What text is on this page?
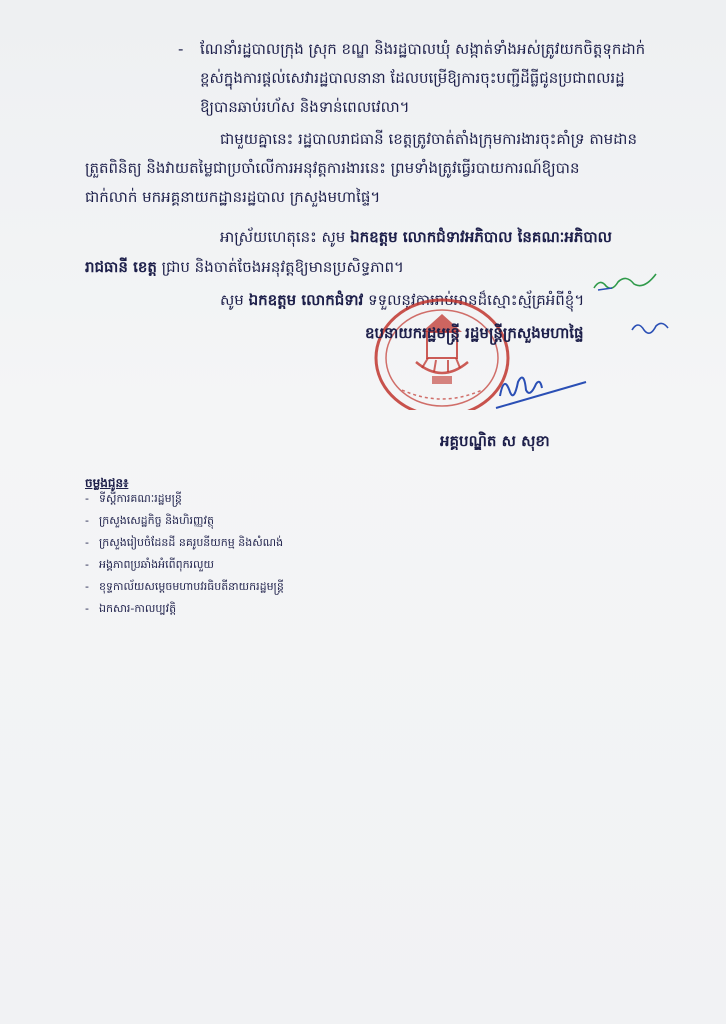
- ណែនាំរដ្ឋបាលក្រុង ស្រុក ខណ្ឌ និងរដ្ឋបាលឃុំ សង្កាត់ទាំងអស់ត្រូវយកចិត្តទុកដាក់

ខ្ពស់ក្នុងការផ្តល់សេវារដ្ឋបាលនានា ដែលបម្រើឱ្យការចុះបញ្ជីដីធ្លីជូនប្រជាពលរដ្ឋ

ឱ្យបានឆាប់រហ័ស និងទាន់ពេលវេលា។

ជាមួយគ្នានេះ រដ្ឋបាលរាជធានី ខេត្តត្រូវចាត់តាំងក្រុមការងារចុះគាំទ្រ តាមដាន

ត្រួតពិនិត្យ និងវាយតម្លៃជាប្រចាំលើការអនុវត្តការងារនេះ ព្រមទាំងត្រូវធ្វើរបាយការណ៍ឱ្យបាន

ជាក់លាក់ មកអគ្គនាយកដ្ឋានរដ្ឋបាល ក្រសួងមហាផ្ទៃ។

អាស្រ័យហេតុនេះ សូម ឯកឧត្តម លោកជំទាវអភិបាល នៃគណៈអភិបាល

រាជធានី ខេត្ត ជ្រាប និងចាត់ចែងអនុវត្តឱ្យមានប្រសិទ្ធភាព។

សូម ឯកឧត្តម លោកជំទាវ ទទួលនូវការរាប់អានដ៏ស្មោះស្ម័គ្រអំពីខ្ញុំ។

ឧបនាយករដ្ឋមន្ត្រី រដ្ឋមន្ត្រីក្រសួងមហាផ្ទៃ

អគ្គបណ្ឌិត ស សុខា

ចម្លងជូន៖

- ទីស្តីការគណៈរដ្ឋមន្ត្រី

- ក្រសួងសេដ្ឋកិច្ច និងហិរញ្ញវត្ថុ

- ក្រសួងរៀបចំដែនដី នគរូបនីយកម្ម និងសំណង់

- អង្គភាពប្រឆាំងអំពើពុករលួយ

- ខុទ្ទកាល័យសម្តេចមហាបវរធិបតីនាយករដ្ឋមន្ត្រី

- ឯកសារ-កាលប្បវត្តិ
